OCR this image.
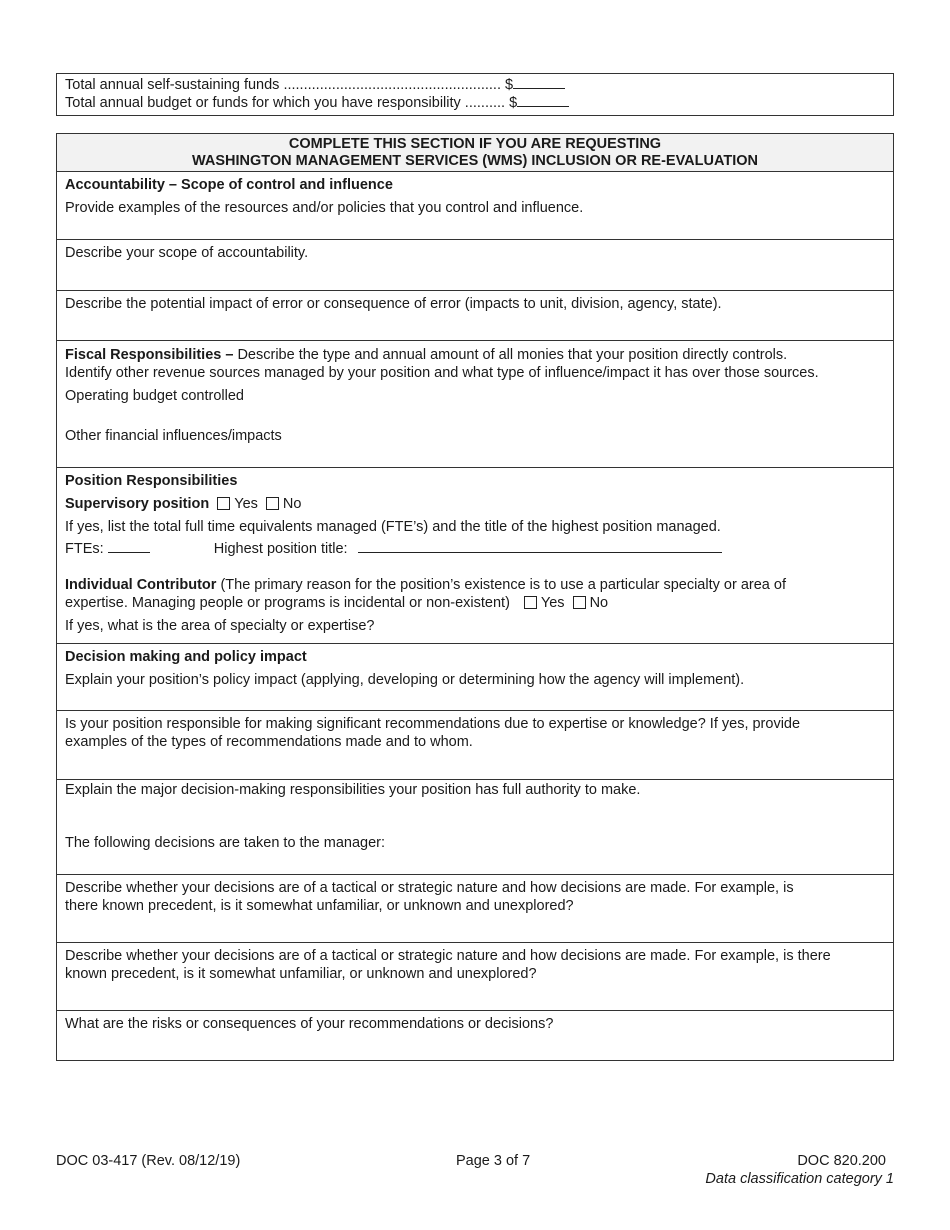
Total annual self-sustaining funds ...................................................... $
Total annual budget or funds for which you have responsibility .......... $
COMPLETE THIS SECTION IF YOU ARE REQUESTING
WASHINGTON MANAGEMENT SERVICES (WMS) INCLUSION OR RE-EVALUATION
Accountability – Scope of control and influence
Provide examples of the resources and/or policies that you control and influence.
Describe your scope of accountability.
Describe the potential impact of error or consequence of error (impacts to unit, division, agency, state).
Fiscal Responsibilities – Describe the type and annual amount of all monies that your position directly controls.
Identify other revenue sources managed by your position and what type of influence/impact it has over those sources.
Operating budget controlled
Other financial influences/impacts
Position Responsibilities
Supervisory position Yes No
If yes, list the total full time equivalents managed (FTE’s) and the title of the highest position managed.
FTEs:	Highest position title:
Individual Contributor (The primary reason for the position’s existence is to use a particular specialty or area of
expertise. Managing people or programs is incidental or non-existent) Yes No
If yes, what is the area of specialty or expertise?
Decision making and policy impact
Explain your position’s policy impact (applying, developing or determining how the agency will implement).
Is your position responsible for making significant recommendations due to expertise or knowledge? If yes, provide
examples of the types of recommendations made and to whom.
Explain the major decision-making responsibilities your position has full authority to make.
The following decisions are taken to the manager:
Describe whether your decisions are of a tactical or strategic nature and how decisions are made. For example, is
there known precedent, is it somewhat unfamiliar, or unknown and unexplored?
Describe whether your decisions are of a tactical or strategic nature and how decisions are made. For example, is there
known precedent, is it somewhat unfamiliar, or unknown and unexplored?
What are the risks or consequences of your recommendations or decisions?
DOC 03-417 (Rev. 08/12/19)	Page 3 of 7	DOC 820.200
Data classification category 1
